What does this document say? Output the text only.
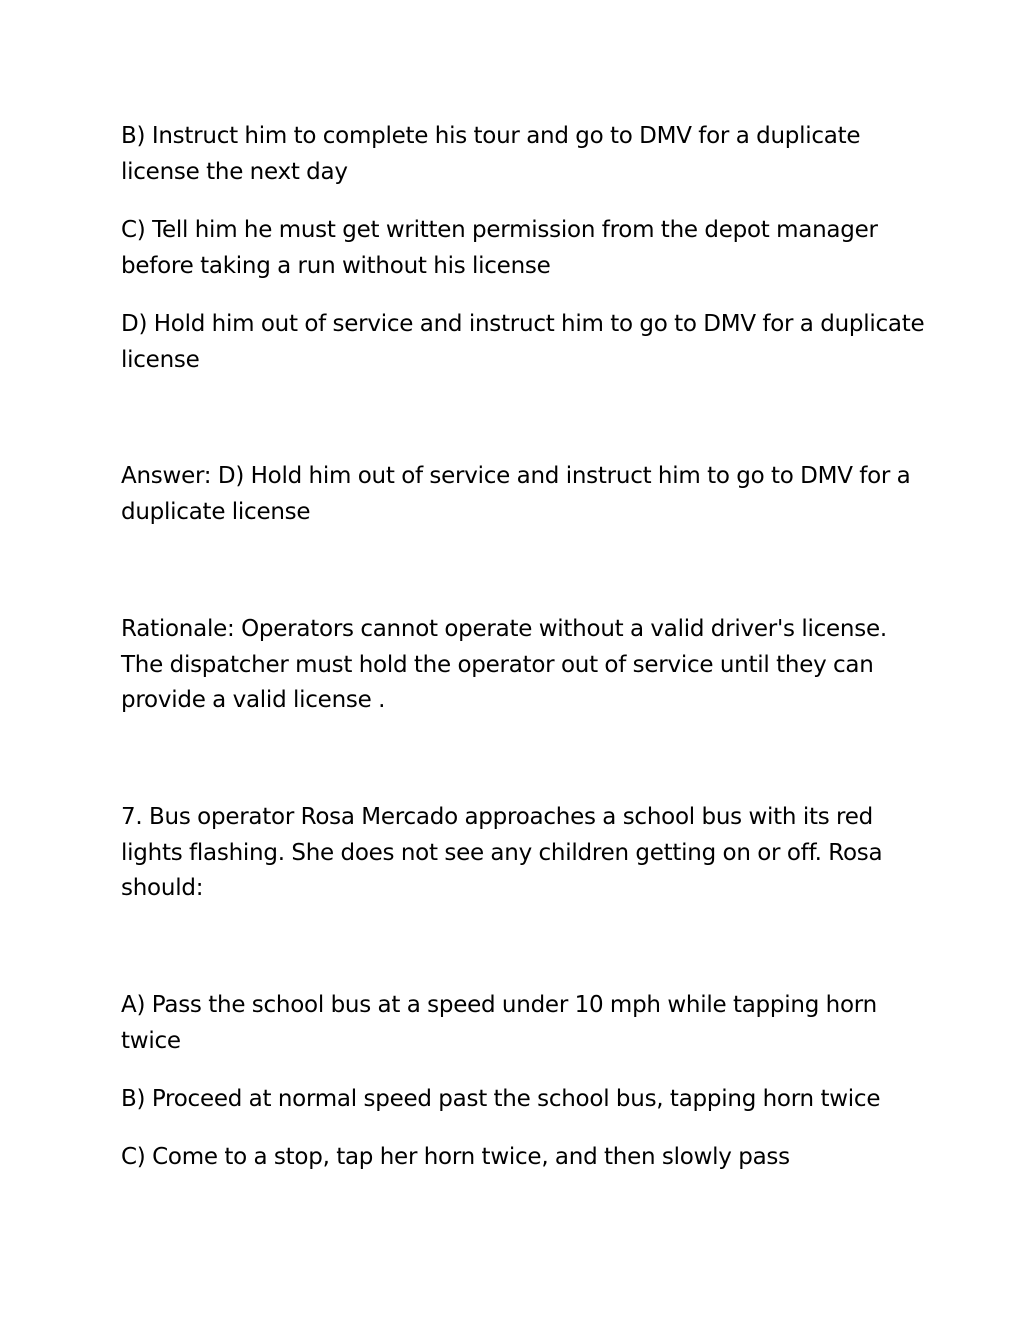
B) Instruct him to complete his tour and go to DMV for a duplicate
license the next day

C) Tell him he must get written permission from the depot manager
before taking a run without his license

D) Hold him out of service and instruct him to go to DMV for a duplicate
license

Answer: D) Hold him out of service and instruct him to go to DMV for a
duplicate license

Rationale: Operators cannot operate without a valid driver's license.
The dispatcher must hold the operator out of service until they can
provide a valid license .

7. Bus operator Rosa Mercado approaches a school bus with its red
lights flashing. She does not see any children getting on or off. Rosa
should:

A) Pass the school bus at a speed under 10 mph while tapping horn
twice

B) Proceed at normal speed past the school bus, tapping horn twice

C) Come to a stop, tap her horn twice, and then slowly pass
